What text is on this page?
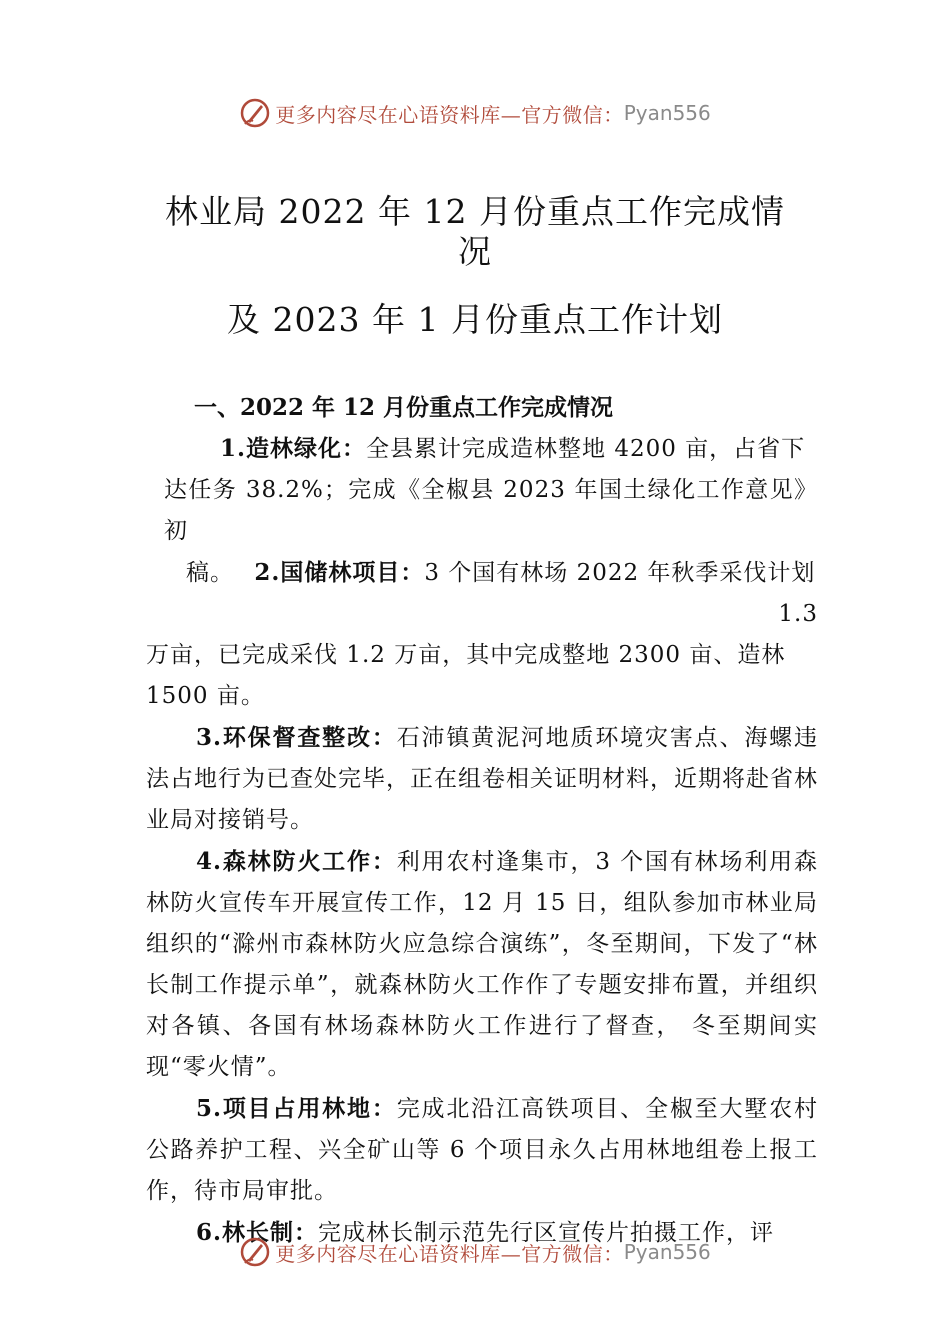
更多内容尽在心语资料库—官方微信： Pyan556
林业局 2022 年 12 月份重点工作完成情况
及 2023 年 1 月份重点工作计划
一、2022 年 12 月份重点工作完成情况
1.造林绿化：全县累计完成造林整地 4200 亩，占省下
达任务 38.2%；完成《全椒县 2023 年国土绿化工作意见》初
稿。 2.国储林项目：3 个国有林场 2022 年秋季采伐计划
1.3
万亩，已完成采伐 1.2 万亩，其中完成整地 2300 亩、造林
1500 亩。
3.环保督查整改：石沛镇黄泥河地质环境灾害点、海螺违法占地行为已查处完毕，正在组卷相关证明材料，近期将赴省林业局对接销号。
4.森林防火工作：利用农村逢集市，3 个国有林场利用森林防火宣传车开展宣传工作，12 月 15 日，组队参加市林业局组织的“滁州市森林防火应急综合演练”，冬至期间，下发了“林长制工作提示单”，就森林防火工作作了专题安排布置，并组织对各镇、各国有林场森林防火工作进行了督查， 冬至期间实现“零火情”。
5.项目占用林地：完成北沿江高铁项目、全椒至大墅农村公路养护工程、兴全矿山等 6 个项目永久占用林地组卷上报工作，待市局审批。
6.林长制：完成林长制示范先行区宣传片拍摄工作，评
更多内容尽在心语资料库—官方微信： Pyan556
